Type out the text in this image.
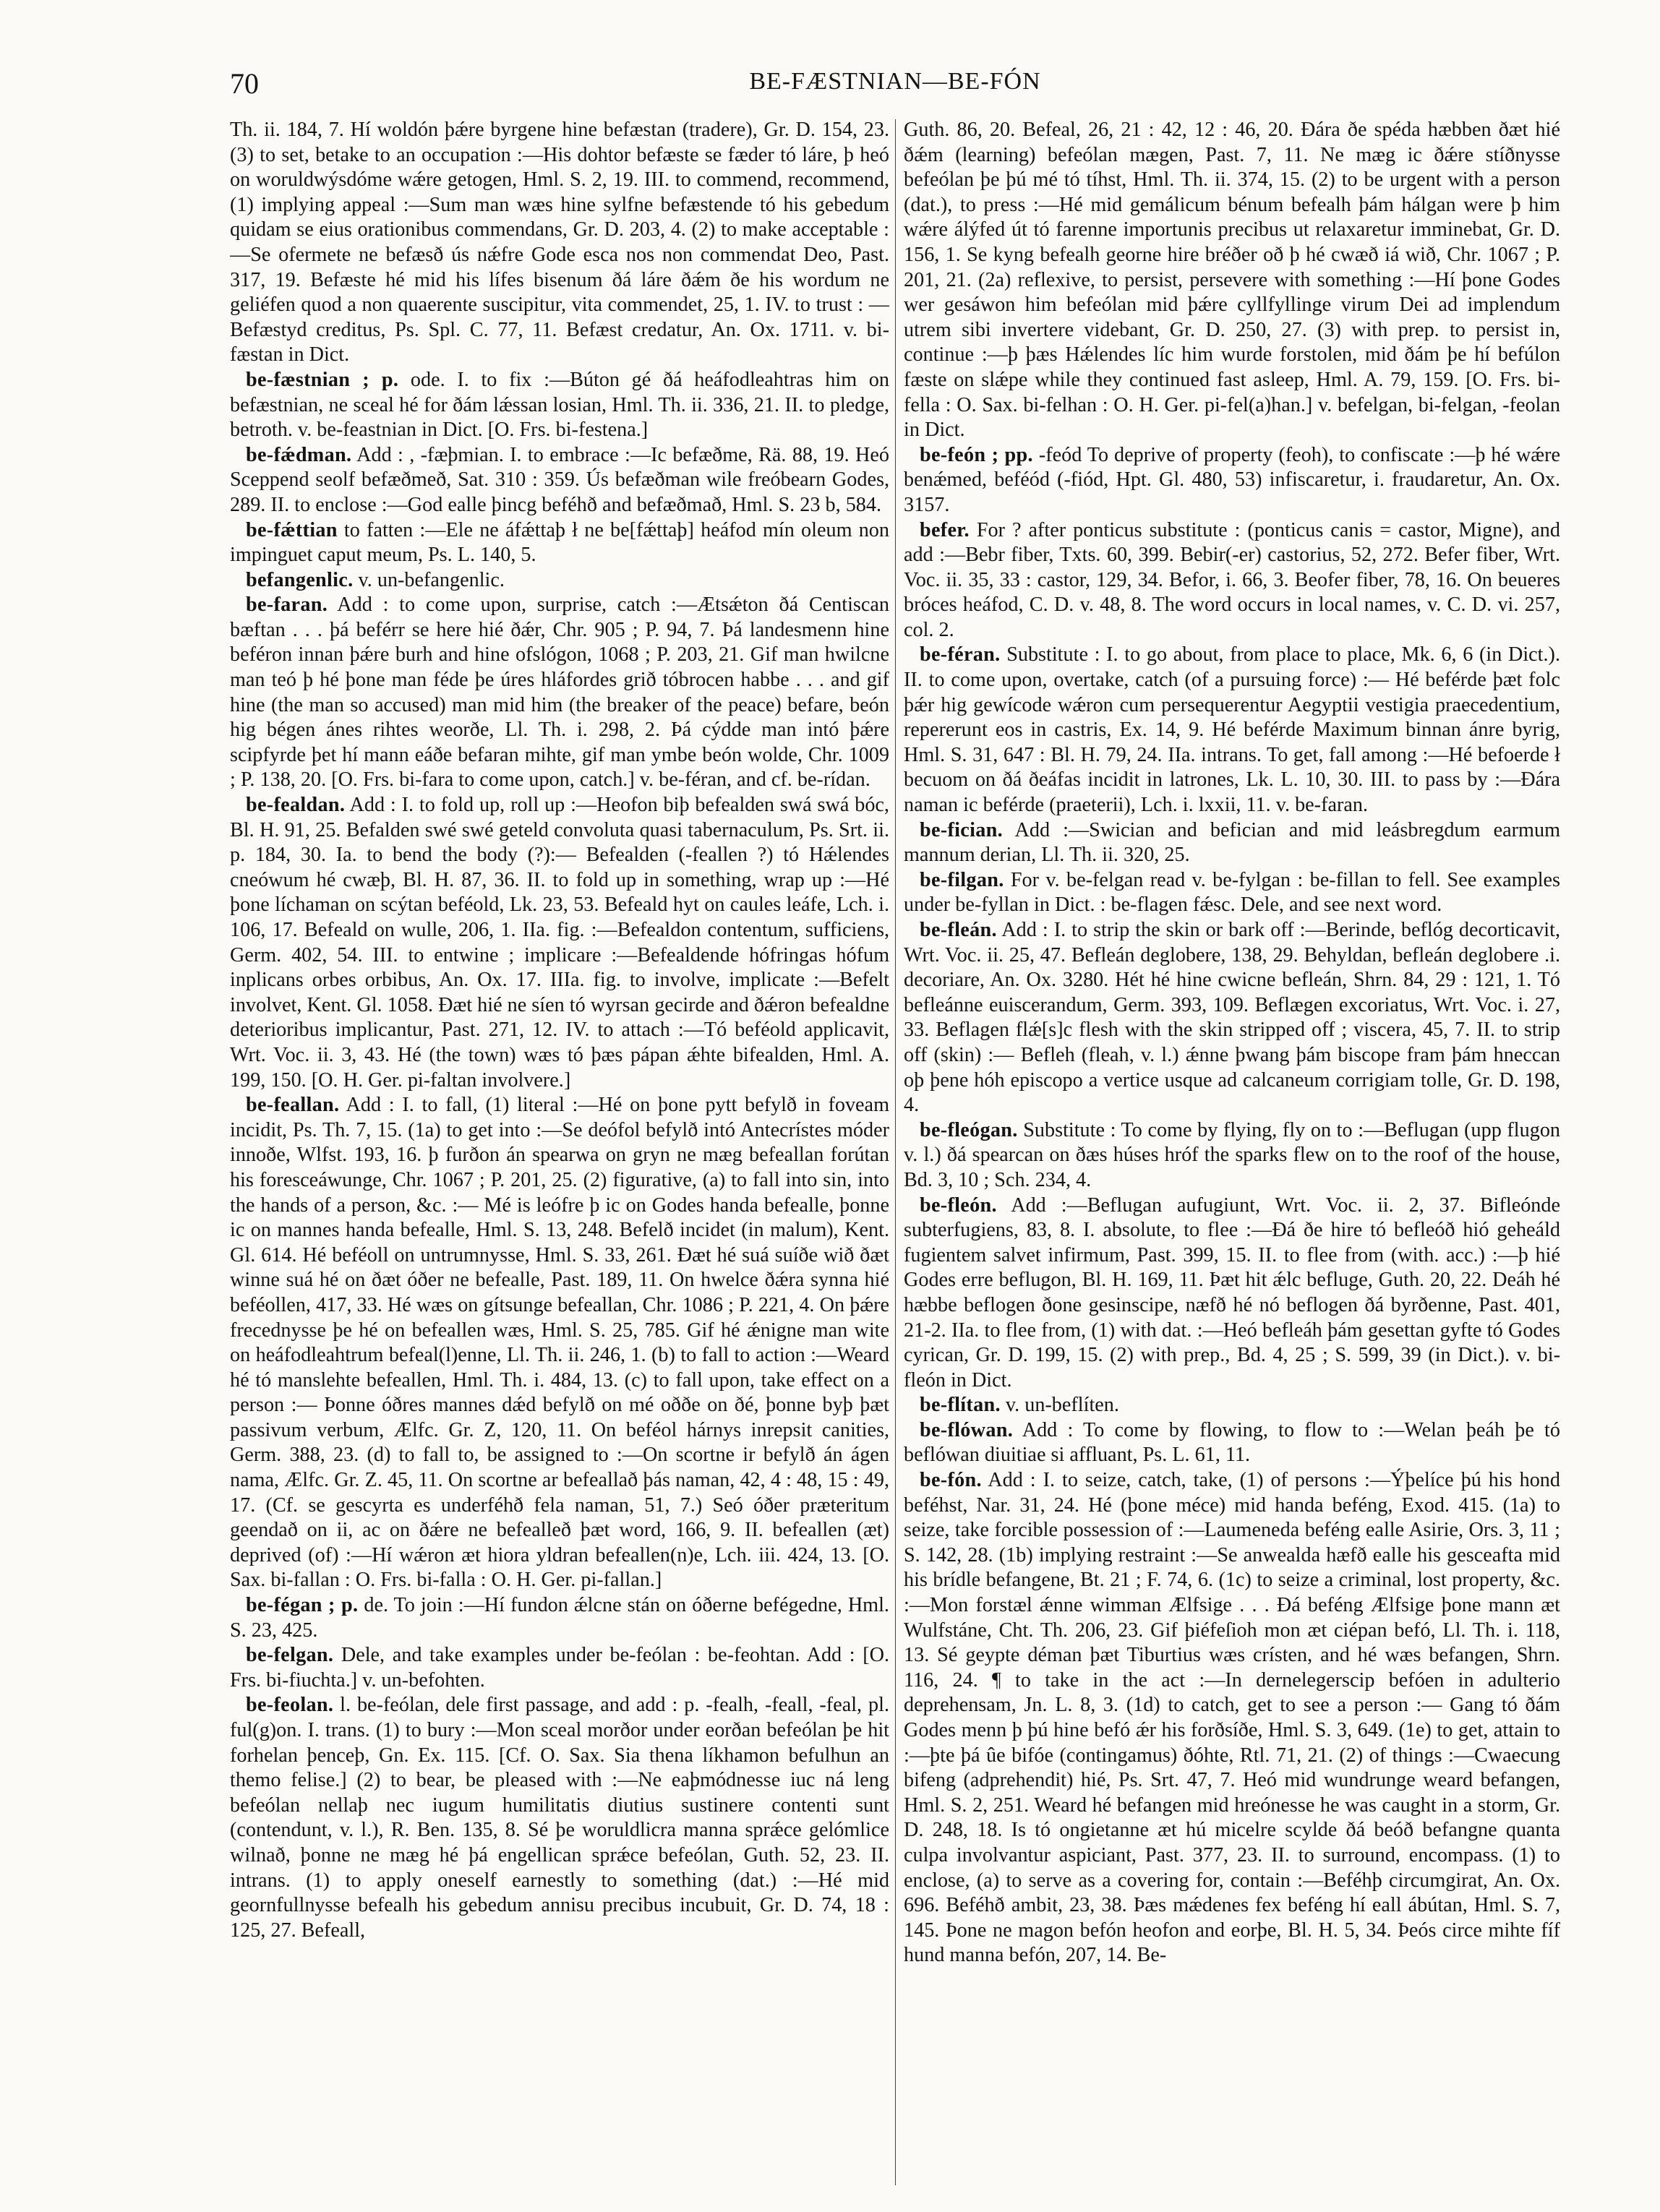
70	BE-FÆSTNIAN—BE-FÓN

Th. ii. 184, 7. Hí woldón þǽre byrgene hine befæstan (tradere), Gr. D. 154, 23. (3) to set, betake to an occupation :—His dohtor befæste se fæder tó láre, þ heó on woruldwýsdóme wǽre getogen, Hml. S. 2, 19. III. to commend, recommend, (1) implying appeal :—Sum man wæs hine sylfne befæstende tó his gebedum quidam se eius orationibus commendans, Gr. D. 203, 4. (2) to make acceptable :—Se ofermete ne befæsð ús nǽfre Gode esca nos non commendat Deo, Past. 317, 19. Befæste hé mid his lífes bisenum ðá láre ðǽm ðe his wordum ne geliéfen quod a non quaerente suscipitur, vita commendet, 25, 1. IV. to trust : —Befæstyd creditus, Ps. Spl. C. 77, 11. Befæst credatur, An. Ox. 1711. v. bi-fæstan in Dict.

be-fæstnian ; p. ode. I. to fix :—Búton gé ðá heáfodleahtras him on befæstnian, ne sceal hé for ðám lǽssan losian, Hml. Th. ii. 336, 21. II. to pledge, betroth. v. be-feastnian in Dict. [O. Frs. bi-festena.]

be-fǽdman. Add : , -fæþmian. I. to embrace :—Ic befæðme, Rä. 88, 19. Heó Sceppend seolf befæðmeð, Sat. 310 : 359. Ús befæðman wile freóbearn Godes, 289. II. to enclose :—God ealle þincg beféhð and befæðmað, Hml. S. 23 b, 584.

be-fǽttian to fatten :—Ele ne áfǽttaþ ł ne be[fǽttaþ] heáfod mín oleum non impinguet caput meum, Ps. L. 140, 5.

befangenlic. v. un-befangenlic.

be-faran. Add : to come upon, surprise, catch :—Ætsǽton ðá Centiscan bæftan . . . þá beférr se here hié ðǽr, Chr. 905 ; P. 94, 7. Þá landesmenn hine beféron innan þǽre burh and hine ofslógon, 1068 ; P. 203, 21. Gif man hwilcne man teó þ hé þone man féde þe úres hláfordes grið tóbrocen habbe . . . and gif hine (the man so accused) man mid him (the breaker of the peace) befare, beón hig bégen ánes rihtes weorðe, Ll. Th. i. 298, 2. Þá cýdde man intó þǽre scipfyrde þet hí mann eáðe befaran mihte, gif man ymbe beón wolde, Chr. 1009 ; P. 138, 20. [O. Frs. bi-fara to come upon, catch.] v. be-féran, and cf. be-rídan.

be-fealdan. Add : I. to fold up, roll up :—Heofon biþ befealden swá swá bóc, Bl. H. 91, 25. Befalden swé swé geteld convoluta quasi tabernaculum, Ps. Srt. ii. p. 184, 30. Ia. to bend the body (?):— Befealden (-feallen ?) tó Hǽlendes cneówum hé cwæþ, Bl. H. 87, 36. II. to fold up in something, wrap up :—Hé þone líchaman on scýtan beféold, Lk. 23, 53. Befeald hyt on caules leáfe, Lch. i. 106, 17. Befeald on wulle, 206, 1. IIa. fig. :—Befealdon contentum, sufficiens, Germ. 402, 54. III. to entwine ; implicare :—Befealdende hófringas hófum inplicans orbes orbibus, An. Ox. 17. IIIa. fig. to involve, implicate :—Befelt involvet, Kent. Gl. 1058. Ðæt hié ne síen tó wyrsan gecirde and ðǽron befealdne deterioribus implicantur, Past. 271, 12. IV. to attach :—Tó beféold applicavit, Wrt. Voc. ii. 3, 43. Hé (the town) wæs tó þæs pápan ǽhte bifealden, Hml. A. 199, 150. [O. H. Ger. pi-faltan involvere.]

be-feallan. Add : I. to fall, (1) literal :—Hé on þone pytt befylð in foveam incidit, Ps. Th. 7, 15. (1a) to get into :—Se deófol befylð intó Antecrístes móder innoðe, Wlfst. 193, 16. þ furðon án spearwa on gryn ne mæg befeallan forútan his foresceáwunge, Chr. 1067 ; P. 201, 25. (2) figurative, (a) to fall into sin, into the hands of a person, &c. :— Mé is leófre þ ic on Godes handa befealle, þonne ic on mannes handa befealle, Hml. S. 13, 248. Befelð incidet (in malum), Kent. Gl. 614. Hé beféoll on untrumnysse, Hml. S. 33, 261. Ðæt hé suá suíðe wið ðæt winne suá hé on ðæt óðer ne befealle, Past. 189, 11. On hwelce ðǽra synna hié beféollen, 417, 33. Hé wæs on gítsunge befeallan, Chr. 1086 ; P. 221, 4. On þǽre frecednysse þe hé on befeallen wæs, Hml. S. 25, 785. Gif hé ǽnigne man wite on heáfodleahtrum befeal(l)enne, Ll. Th. ii. 246, 1. (b) to fall to action :—Weard hé tó manslehte befeallen, Hml. Th. i. 484, 13. (c) to fall upon, take effect on a person :— Þonne óðres mannes dǽd befylð on mé oððe on ðé, þonne byþ þæt passivum verbum, Ælfc. Gr. Z, 120, 11. On beféol hárnys inrepsit canities, Germ. 388, 23. (d) to fall to, be assigned to :—On scortne ir befylð án ágen nama, Ælfc. Gr. Z. 45, 11. On scortne ar befeallað þás naman, 42, 4 : 48, 15 : 49, 17. (Cf. se gescyrta es underféhð fela naman, 51, 7.) Seó óðer præteritum geendað on ii, ac on ðǽre ne befealleð þæt word, 166, 9. II. befeallen (æt) deprived (of) :—Hí wǽron æt hiora yldran befeallen(n)e, Lch. iii. 424, 13. [O. Sax. bi-fallan : O. Frs. bi-falla : O. H. Ger. pi-fallan.]

be-fégan ; p. de. To join :—Hí fundon ǽlcne stán on óðerne befégedne, Hml. S. 23, 425.

be-felgan. Dele, and take examples under be-feólan : be-feohtan. Add : [O. Frs. bi-fiuchta.] v. un-befohten.

be-feolan. l. be-feólan, dele first passage, and add : p. -fealh, -feall, -feal, pl. ful(g)on. I. trans. (1) to bury :—Mon sceal morðor under eorðan befeólan þe hit forhelan þenceþ, Gn. Ex. 115. [Cf. O. Sax. Sia thena líkhamon befulhun an themo felise.] (2) to bear, be pleased with :—Ne eaþmódnesse iuc ná leng befeólan nellaþ nec iugum humilitatis diutius sustinere contenti sunt (contendunt, v. l.), R. Ben. 135, 8. Sé þe woruldlicra manna sprǽce gelómlice wilnað, þonne ne mæg hé þá engellican sprǽce befeólan, Guth. 52, 23. II. intrans. (1) to apply oneself earnestly to something (dat.) :—Hé mid geornfullnysse befealh his gebedum annisu precibus incubuit, Gr. D. 74, 18 : 125, 27. Befeall,

Guth. 86, 20. Befeal, 26, 21 : 42, 12 : 46, 20. Ðára ðe spéda hæbben ðæt hié ðǽm (learning) befeólan mægen, Past. 7, 11. Ne mæg ic ðǽre stíðnysse befeólan þe þú mé tó tíhst, Hml. Th. ii. 374, 15. (2) to be urgent with a person (dat.), to press :—Hé mid gemálicum bénum befealh þám hálgan were þ him wǽre álýfed út tó farenne importunis precibus ut relaxaretur imminebat, Gr. D. 156, 1. Se kyng befealh georne hire bréðer oð þ hé cwæð iá wið, Chr. 1067 ; P. 201, 21. (2a) reflexive, to persist, persevere with something :—Hí þone Godes wer gesáwon him befeólan mid þǽre cyllfyllinge virum Dei ad implendum utrem sibi invertere videbant, Gr. D. 250, 27. (3) with prep. to persist in, continue :—þ þæs Hǽlendes líc him wurde forstolen, mid ðám þe hí befúlon fæste on slǽpe while they continued fast asleep, Hml. A. 79, 159. [O. Frs. bi-fella : O. Sax. bi-felhan : O. H. Ger. pi-fel(a)han.] v. befelgan, bi-felgan, -feolan in Dict.

be-feón ; pp. -feód To deprive of property (feoh), to confiscate :—þ hé wǽre benǽmed, beféód (-fiód, Hpt. Gl. 480, 53) infiscaretur, i. fraudaretur, An. Ox. 3157.

befer. For ? after ponticus substitute : (ponticus canis = castor, Migne), and add :—Bebr fiber, Txts. 60, 399. Bebir(-er) castorius, 52, 272. Befer fiber, Wrt. Voc. ii. 35, 33 : castor, 129, 34. Befor, i. 66, 3. Beofer fiber, 78, 16. On beueres bróces heáfod, C. D. v. 48, 8. The word occurs in local names, v. C. D. vi. 257, col. 2.

be-féran. Substitute : I. to go about, from place to place, Mk. 6, 6 (in Dict.). II. to come upon, overtake, catch (of a pursuing force) :— Hé beférde þæt folc þǽr hig gewícode wǽron cum persequerentur Aegyptii vestigia praecedentium, repererunt eos in castris, Ex. 14, 9. Hé beférde Maximum binnan ánre byrig, Hml. S. 31, 647 : Bl. H. 79, 24. IIa. intrans. To get, fall among :—Hé befoerde ł becuom on ðá ðeáfas incidit in latrones, Lk. L. 10, 30. III. to pass by :—Ðára naman ic beférde (praeterii), Lch. i. lxxii, 11. v. be-faran.

be-fician. Add :—Swician and befician and mid leásbregdum earmum mannum derian, Ll. Th. ii. 320, 25.

be-filgan. For v. be-felgan read v. be-fylgan : be-fillan to fell. See examples under be-fyllan in Dict. : be-flagen fǽsc. Dele, and see next word.

be-fleán. Add : I. to strip the skin or bark off :—Berinde, beflóg decorticavit, Wrt. Voc. ii. 25, 47. Befleán deglobere, 138, 29. Behyldan, befleán deglobere .i. decoriare, An. Ox. 3280. Hét hé hine cwicne befleán, Shrn. 84, 29 : 121, 1. Tó befleánne euiscerandum, Germ. 393, 109. Beflægen excoriatus, Wrt. Voc. i. 27, 33. Beflagen flǽ[s]c flesh with the skin stripped off ; viscera, 45, 7. II. to strip off (skin) :— Befleh (fleah, v. l.) ǽnne þwang þám biscope fram þám hneccan oþ þene hóh episcopo a vertice usque ad calcaneum corrigiam tolle, Gr. D. 198, 4.

be-fleógan. Substitute : To come by flying, fly on to :—Beflugan (upp flugon v. l.) ðá spearcan on ðæs húses hróf the sparks flew on to the roof of the house, Bd. 3, 10 ; Sch. 234, 4.

be-fleón. Add :—Beflugan aufugiunt, Wrt. Voc. ii. 2, 37. Bifleónde subterfugiens, 83, 8. I. absolute, to flee :—Ðá ðe hire tó befleóð hió geheáld fugientem salvet infirmum, Past. 399, 15. II. to flee from (with. acc.) :—þ hié Godes erre beflugon, Bl. H. 169, 11. Þæt hit ǽlc beflugе, Guth. 20, 22. Deáh hé hæbbe beflogen ðone gesinscipe, næfð hé nó beflogen ðá byrðenne, Past. 401, 21-2. IIa. to flee from, (1) with dat. :—Heó befleáh þám gesettan gyfte tó Godes cyrican, Gr. D. 199, 15. (2) with prep., Bd. 4, 25 ; S. 599, 39 (in Dict.). v. bi-fleón in Dict.

be-flítan. v. un-beflíten.

be-flówan. Add : To come by flowing, to flow to :—Welan þeáh þe tó beflówan diuitiae si affluant, Ps. L. 61, 11.

be-fón. Add : I. to seize, catch, take, (1) of persons :—Ýþelíce þú his hond beféhst, Nar. 31, 24. Hé (þone méce) mid handa beféng, Exod. 415. (1a) to seize, take forcible possession of :—Laumeneda beféng ealle Asirie, Ors. 3, 11 ; S. 142, 28. (1b) implying restraint :—Se anwealda hæfð ealle his gesceafta mid his brídle befangene, Bt. 21 ; F. 74, 6. (1c) to seize a criminal, lost property, &c. :—Mon forstæl ǽnne wimman Ælfsige . . . Ðá beféng Ælfsige þone mann æt Wulfstáne, Cht. Th. 206, 23. Gif þiéfeſioh mon æt ciépan befó, Ll. Th. i. 118, 13. Sé geypte déman þæt Tiburtius wæs crísten, and hé wæs befangen, Shrn. 116, 24. ¶ to take in the act :—In dernelegerscip befóen in adulterio deprehensam, Jn. L. 8, 3. (1d) to catch, get to see a person :— Gang tó ðám Godes menn þ þú hine befó ǽr his forðsíðe, Hml. S. 3, 649. (1e) to get, attain to :—þte þá ûe bifóe (contingamus) ðóhte, Rtl. 71, 21. (2) of things :—Cwaecung bifeng (adprehendit) hié, Ps. Srt. 47, 7. Heó mid wundrunge weard befangen, Hml. S. 2, 251. Weard hé befangen mid hreónesse he was caught in a storm, Gr. D. 248, 18. Is tó ongietanne æt hú micelre scylde ðá beóð befangne quanta culpa involvantur aspiciant, Past. 377, 23. II. to surround, encompass. (1) to enclose, (a) to serve as a covering for, contain :—Beféhþ circumgirat, An. Ox. 696. Beféhð ambit, 23, 38. Þæs mǽdenes fex beféng hí eall ábútan, Hml. S. 7, 145. Þone ne magon befón heofon and eorþe, Bl. H. 5, 34. Þeós circe mihte fíf hund manna befón, 207, 14. Be-
